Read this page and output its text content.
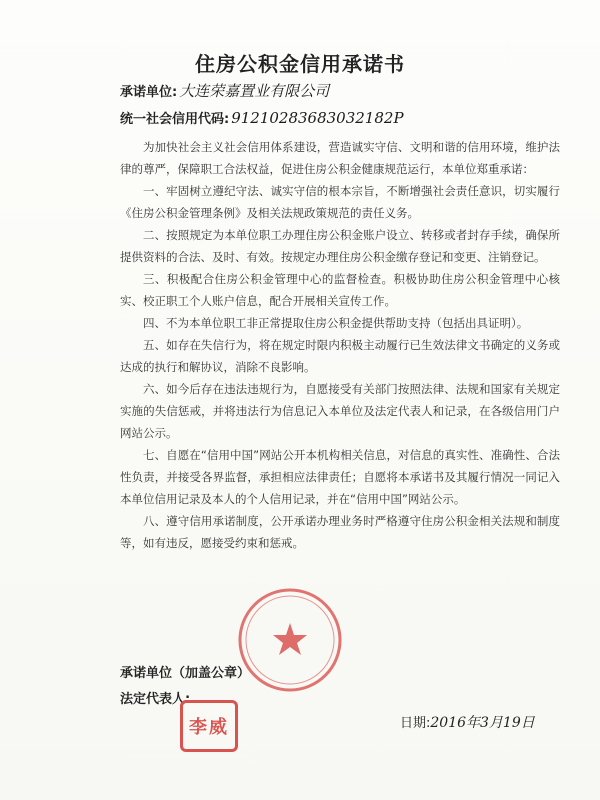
住房公积金信用承诺书
承诺单位: 大连荣嘉置业有限公司
统一社会信用代码: 91210283683032182P
为加快社会主义社会信用体系建设，营造诚实守信、文明和谐的信用环境，维护法律的尊严，保障职工合法权益，促进住房公积金健康规范运行，本单位郑重承诺：
一、牢固树立遵纪守法、诚实守信的根本宗旨，不断增强社会责任意识，切实履行《住房公积金管理条例》及相关法规政策规范的责任义务。
二、按照规定为本单位职工办理住房公积金账户设立、转移或者封存手续，确保所提供资料的合法、及时、有效。按规定办理住房公积金缴存登记和变更、注销登记。
三、积极配合住房公积金管理中心的监督检查。积极协助住房公积金管理中心核实、校正职工个人账户信息，配合开展相关宣传工作。
四、不为本单位职工非正常提取住房公积金提供帮助支持（包括出具证明）。
五、如存在失信行为，将在规定时限内积极主动履行已生效法律文书确定的义务或达成的执行和解协议，消除不良影响。
六、如今后存在违法违规行为，自愿接受有关部门按照法律、法规和国家有关规定实施的失信惩戒，并将违法行为信息记入本单位及法定代表人和记录，在各级信用门户网站公示。
七、自愿在“信用中国”网站公开本机构相关信息，对信息的真实性、准确性、合法性负责，并接受各界监督，承担相应法律责任；自愿将本承诺书及其履行情况一同记入本单位信用记录及本人的个人信用记录，并在“信用中国”网站公示。
八、遵守信用承诺制度，公开承诺办理业务时严格遵守住房公积金相关法规和制度等，如有违反，愿接受约束和惩戒。
承诺单位（加盖公章）
法定代表人:
李威	日期:2016年3月19日
